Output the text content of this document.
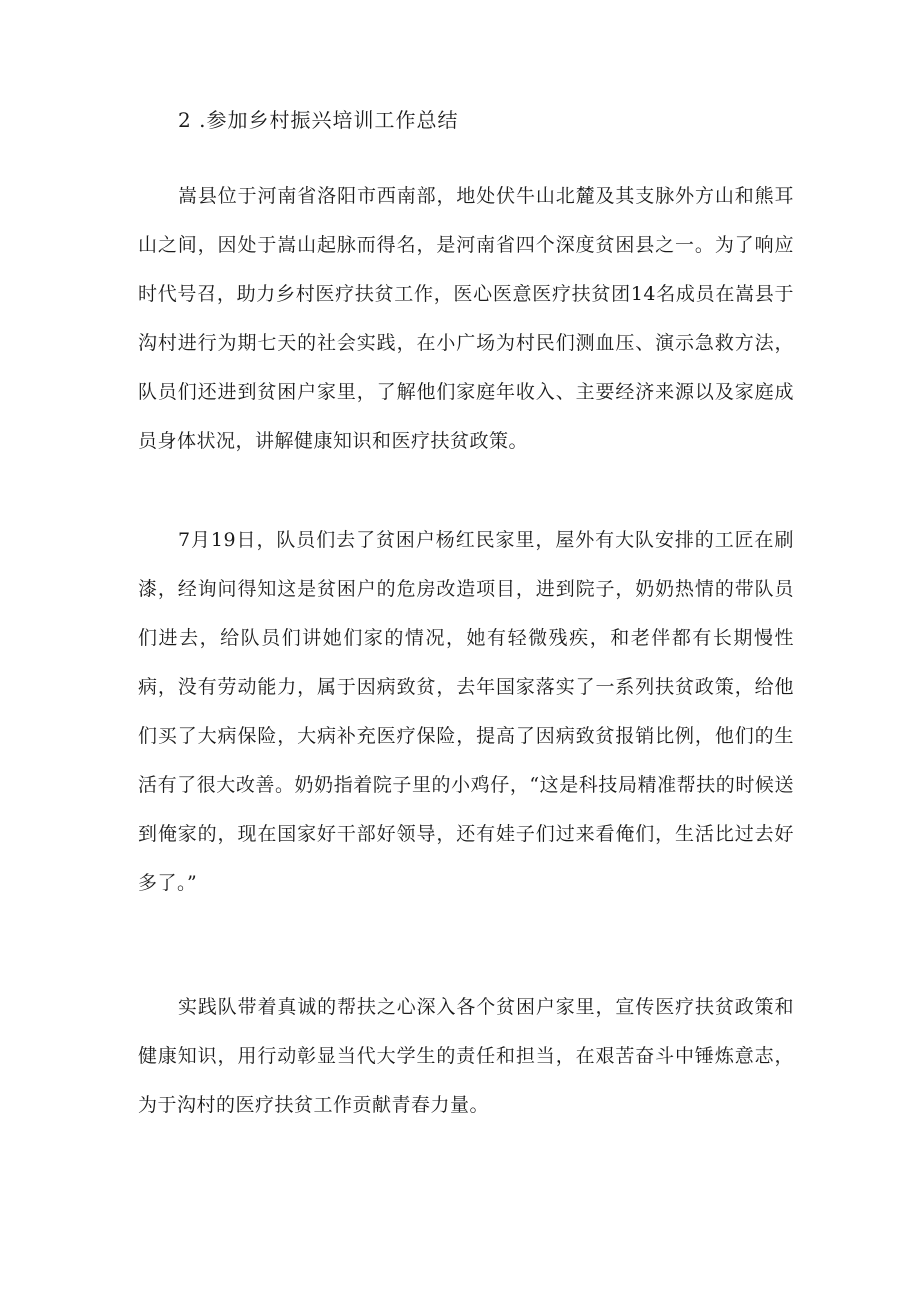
2 .参加乡村振兴培训工作总结

嵩县位于河南省洛阳市西南部，地处伏牛山北麓及其支脉外方山和熊耳山之间，因处于嵩山起脉而得名，是河南省四个深度贫困县之一。为了响应时代号召，助力乡村医疗扶贫工作，医心医意医疗扶贫团14名成员在嵩县于沟村进行为期七天的社会实践，在小广场为村民们测血压、演示急救方法，队员们还进到贫困户家里，了解他们家庭年收入、主要经济来源以及家庭成员身体状况，讲解健康知识和医疗扶贫政策。

7月19日，队员们去了贫困户杨红民家里，屋外有大队安排的工匠在刷漆，经询问得知这是贫困户的危房改造项目，进到院子，奶奶热情的带队员们进去，给队员们讲她们家的情况，她有轻微残疾，和老伴都有长期慢性病，没有劳动能力，属于因病致贫，去年国家落实了一系列扶贫政策，给他们买了大病保险，大病补充医疗保险，提高了因病致贫报销比例，他们的生活有了很大改善。奶奶指着院子里的小鸡仔，“这是科技局精准帮扶的时候送到俺家的，现在国家好干部好领导，还有娃子们过来看俺们，生活比过去好多了。”

实践队带着真诚的帮扶之心深入各个贫困户家里，宣传医疗扶贫政策和健康知识，用行动彰显当代大学生的责任和担当，在艰苦奋斗中锤炼意志，为于沟村的医疗扶贫工作贡献青春力量。
